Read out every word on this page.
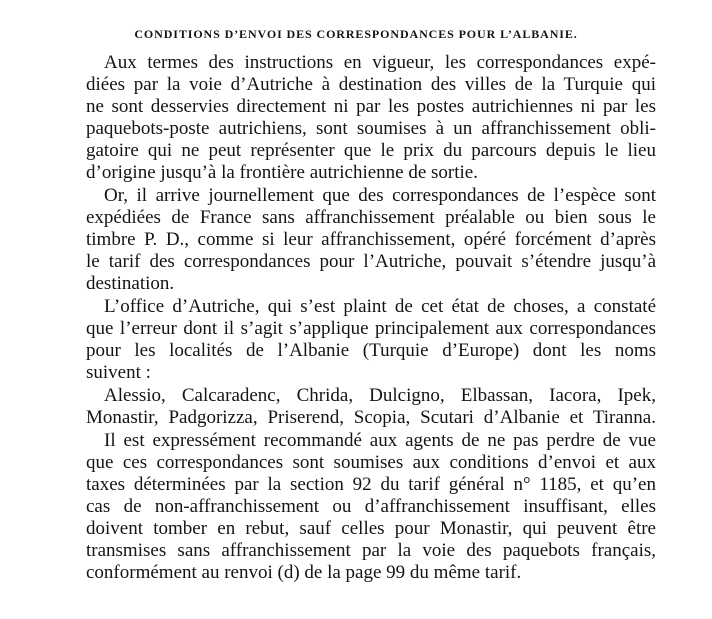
CONDITIONS D’ENVOI DES CORRESPONDANCES POUR L’ALBANIE.
Aux termes des instructions en vigueur, les correspondances expé-
diées par la voie d’Autriche à destination des villes de la Turquie qui
ne sont desservies directement ni par les postes autrichiennes ni par les
paquebots-poste autrichiens, sont soumises à un affranchissement obli-
gatoire qui ne peut représenter que le prix du parcours depuis le lieu
d’origine jusqu’à la frontière autrichienne de sortie.
Or, il arrive journellement que des correspondances de l’espèce sont
expédiées de France sans affranchissement préalable ou bien sous le
timbre P. D., comme si leur affranchissement, opéré forcément d’après
le tarif des correspondances pour l’Autriche, pouvait s’étendre jusqu’à
destination.
L’office d’Autriche, qui s’est plaint de cet état de choses, a constaté
que l’erreur dont il s’agit s’applique principalement aux correspondances
pour les localités de l’Albanie (Turquie d’Europe) dont les noms
suivent :
Alessio, Calcaradenc, Chrida, Dulcigno, Elbassan, Iacora, Ipek,
Monastir, Padgorizza, Priserend, Scopia, Scutari d’Albanie et Tiranna.
Il est expressément recommandé aux agents de ne pas perdre de vue
que ces correspondances sont soumises aux conditions d’envoi et aux
taxes déterminées par la section 92 du tarif général n° 1185, et qu’en
cas de non-affranchissement ou d’affranchissement insuffisant, elles
doivent tomber en rebut, sauf celles pour Monastir, qui peuvent être
transmises sans affranchissement par la voie des paquebots français,
conformément au renvoi (d) de la page 99 du même tarif.
